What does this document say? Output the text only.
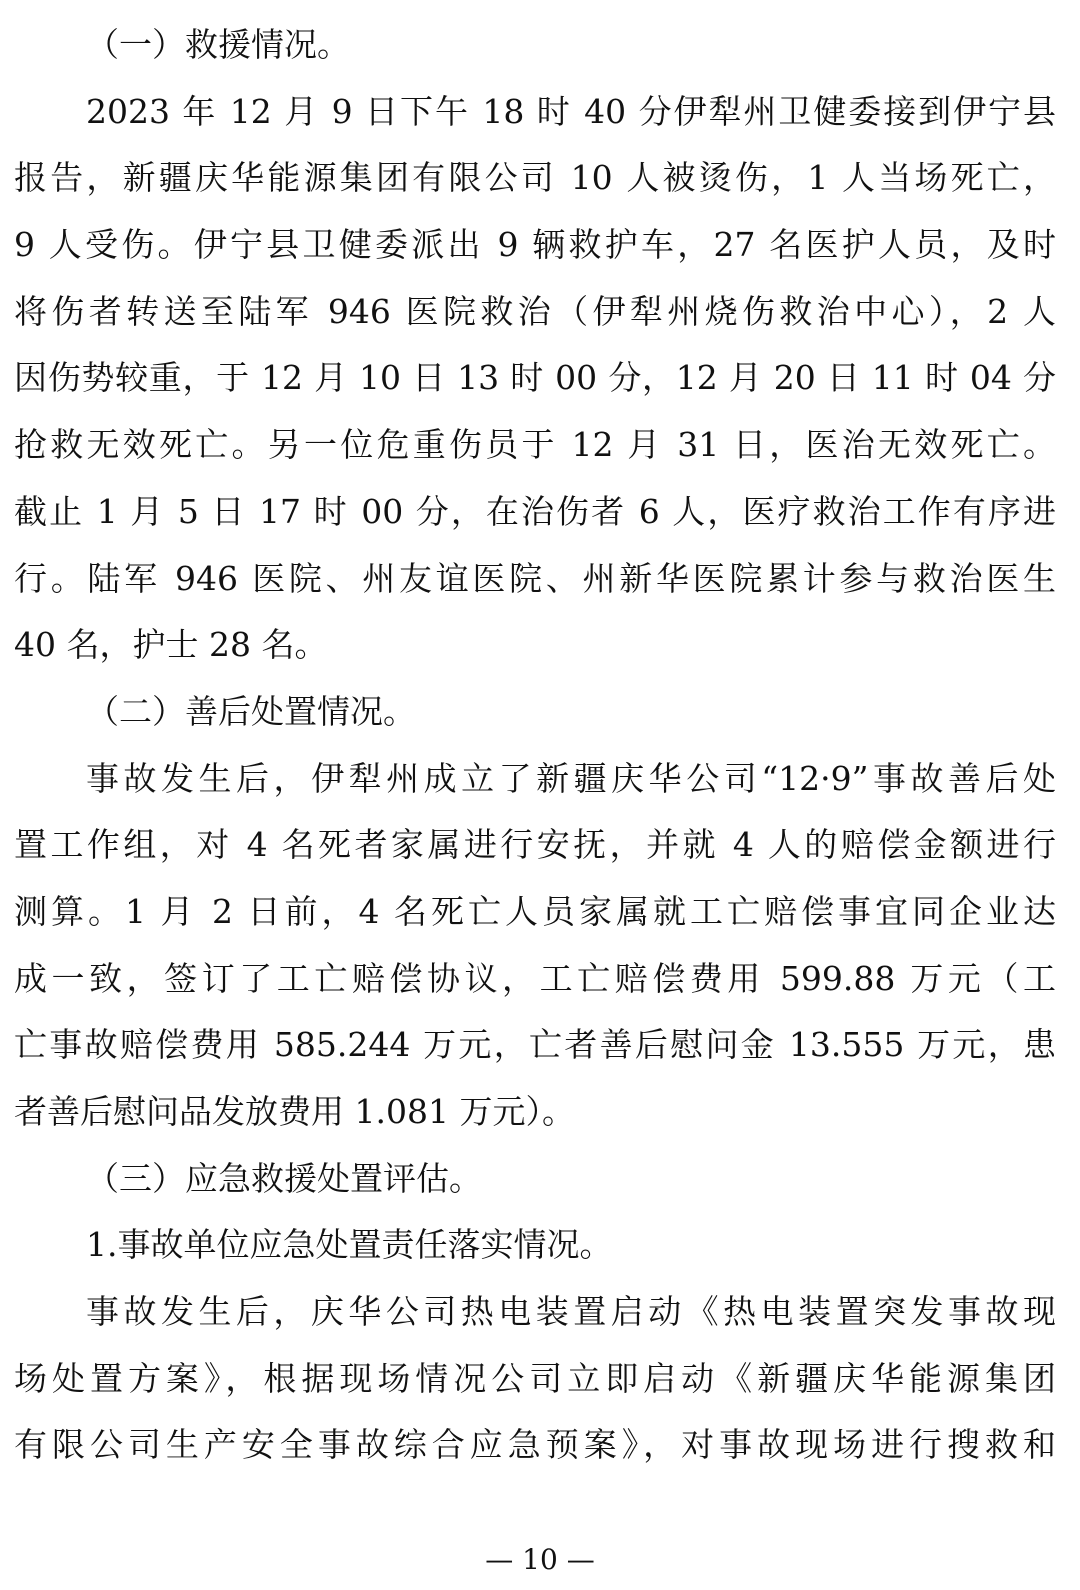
（一）救援情况。
2023 年 12 月 9 日下午 18 时 40 分伊犁州卫健委接到伊宁县
报告，新疆庆华能源集团有限公司 10 人被烫伤，1 人当场死亡，
9 人受伤。伊宁县卫健委派出 9 辆救护车，27 名医护人员，及时
将伤者转送至陆军 946 医院救治（伊犁州烧伤救治中心），2 人
因伤势较重，于 12 月 10 日 13 时 00 分，12 月 20 日 11 时 04 分
抢救无效死亡。另一位危重伤员于 12 月 31 日，医治无效死亡。
截止 1 月 5 日 17 时 00 分，在治伤者 6 人，医疗救治工作有序进
行。陆军 946 医院、州友谊医院、州新华医院累计参与救治医生
40 名，护士 28 名。
（二）善后处置情况。
事故发生后，伊犁州成立了新疆庆华公司“12·9”事故善后处
置工作组，对 4 名死者家属进行安抚，并就 4 人的赔偿金额进行
测算。1 月 2 日前，4 名死亡人员家属就工亡赔偿事宜同企业达
成一致，签订了工亡赔偿协议，工亡赔偿费用 599.88 万元（工
亡事故赔偿费用 585.244 万元，亡者善后慰问金 13.555 万元，患
者善后慰问品发放费用 1.081 万元）。
（三）应急救援处置评估。
1.事故单位应急处置责任落实情况。
事故发生后，庆华公司热电装置启动《热电装置突发事故现
场处置方案》，根据现场情况公司立即启动《新疆庆华能源集团
有限公司生产安全事故综合应急预案》，对事故现场进行搜救和
— 10 —
